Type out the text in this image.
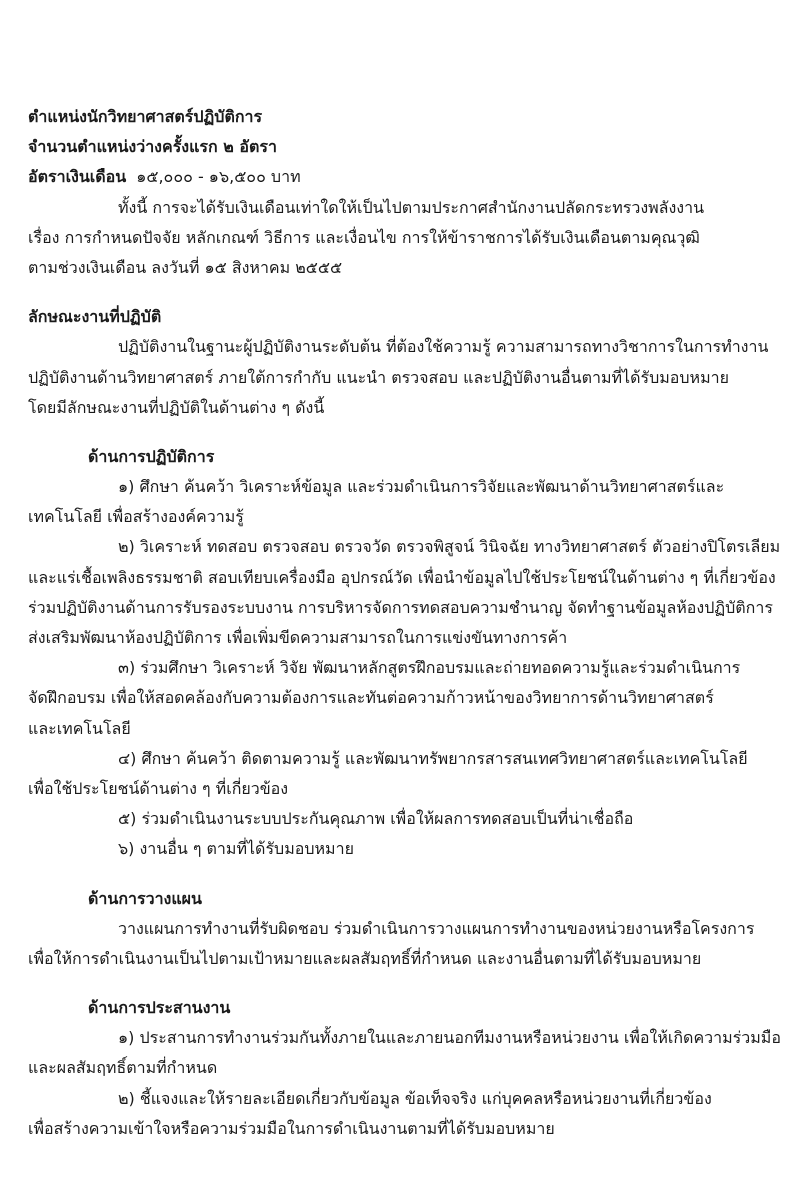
ตำแหน่งนักวิทยาศาสตร์ปฏิบัติการ
จำนวนตำแหน่งว่างครั้งแรก ๒ อัตรา
อัตราเงินเดือน ๑๕,๐๐๐ - ๑๖,๕๐๐ บาท
ทั้งนี้ การจะได้รับเงินเดือนเท่าใดให้เป็นไปตามประกาศสำนักงานปลัดกระทรวงพลังงาน
เรื่อง การกำหนดปัจจัย หลักเกณฑ์ วิธีการ และเงื่อนไข การให้ข้าราชการได้รับเงินเดือนตามคุณวุฒิ
ตามช่วงเงินเดือน ลงวันที่ ๑๕ สิงหาคม ๒๕๕๕
ลักษณะงานที่ปฏิบัติ
ปฏิบัติงานในฐานะผู้ปฏิบัติงานระดับต้น ที่ต้องใช้ความรู้ ความสามารถทางวิชาการในการทำงาน
ปฏิบัติงานด้านวิทยาศาสตร์ ภายใต้การกำกับ แนะนำ ตรวจสอบ และปฏิบัติงานอื่นตามที่ได้รับมอบหมาย
โดยมีลักษณะงานที่ปฏิบัติในด้านต่าง ๆ ดังนี้
ด้านการปฏิบัติการ
๑) ศึกษา ค้นคว้า วิเคราะห์ข้อมูล และร่วมดำเนินการวิจัยและพัฒนาด้านวิทยาศาสตร์และ
เทคโนโลยี เพื่อสร้างองค์ความรู้
๒) วิเคราะห์ ทดสอบ ตรวจสอบ ตรวจวัด ตรวจพิสูจน์ วินิจฉัย ทางวิทยาศาสตร์ ตัวอย่างปิโตรเลียม
และแร่เชื้อเพลิงธรรมชาติ สอบเทียบเครื่องมือ อุปกรณ์วัด เพื่อนำข้อมูลไปใช้ประโยชน์ในด้านต่าง ๆ ที่เกี่ยวข้อง
ร่วมปฏิบัติงานด้านการรับรองระบบงาน การบริหารจัดการทดสอบความชำนาญ จัดทำฐานข้อมูลห้องปฏิบัติการ
ส่งเสริมพัฒนาห้องปฏิบัติการ เพื่อเพิ่มขีดความสามารถในการแข่งขันทางการค้า
๓) ร่วมศึกษา วิเคราะห์ วิจัย พัฒนาหลักสูตรฝึกอบรมและถ่ายทอดความรู้และร่วมดำเนินการ
จัดฝึกอบรม เพื่อให้สอดคล้องกับความต้องการและทันต่อความก้าวหน้าของวิทยาการด้านวิทยาศาสตร์
และเทคโนโลยี
๔) ศึกษา ค้นคว้า ติดตามความรู้ และพัฒนาทรัพยากรสารสนเทศวิทยาศาสตร์และเทคโนโลยี
เพื่อใช้ประโยชน์ด้านต่าง ๆ ที่เกี่ยวข้อง
๕) ร่วมดำเนินงานระบบประกันคุณภาพ เพื่อให้ผลการทดสอบเป็นที่น่าเชื่อถือ
๖) งานอื่น ๆ ตามที่ได้รับมอบหมาย
ด้านการวางแผน
วางแผนการทำงานที่รับผิดชอบ ร่วมดำเนินการวางแผนการทำงานของหน่วยงานหรือโครงการ
เพื่อให้การดำเนินงานเป็นไปตามเป้าหมายและผลสัมฤทธิ์ที่กำหนด และงานอื่นตามที่ได้รับมอบหมาย
ด้านการประสานงาน
๑) ประสานการทำงานร่วมกันทั้งภายในและภายนอกทีมงานหรือหน่วยงาน เพื่อให้เกิดความร่วมมือ
และผลสัมฤทธิ์ตามที่กำหนด
๒) ชี้แจงและให้รายละเอียดเกี่ยวกับข้อมูล ข้อเท็จจริง แก่บุคคลหรือหน่วยงานที่เกี่ยวข้อง
เพื่อสร้างความเข้าใจหรือความร่วมมือในการดำเนินงานตามที่ได้รับมอบหมาย
